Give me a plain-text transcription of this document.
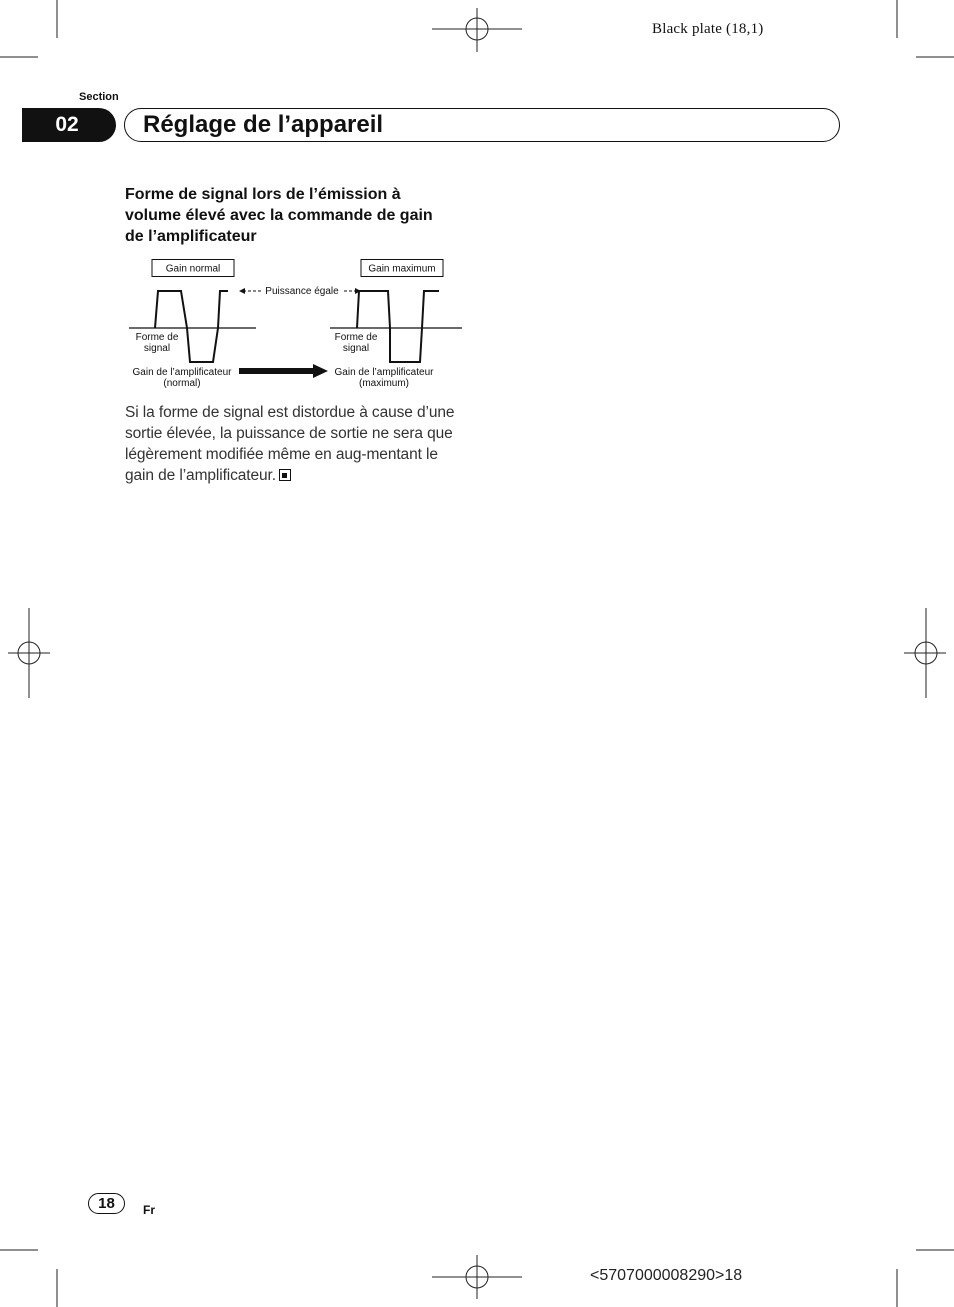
Black plate (18,1)
Section
02	Réglage de l’appareil
Forme de signal lors de l’émission à volume élevé avec la commande de gain de l’amplificateur
Gain normal	Gain maximum
Puissance égale
Forme de
signal
Gain de l’amplificateur
(normal)
Forme de
signal
Gain de l’amplificateur
(maximum)
Si la forme de signal est distordue à cause d’une sortie élevée, la puissance de sortie ne sera que légèrement modifiée même en aug-mentant le gain de l’amplificateur.
18	Fr
<5707000008290>18
